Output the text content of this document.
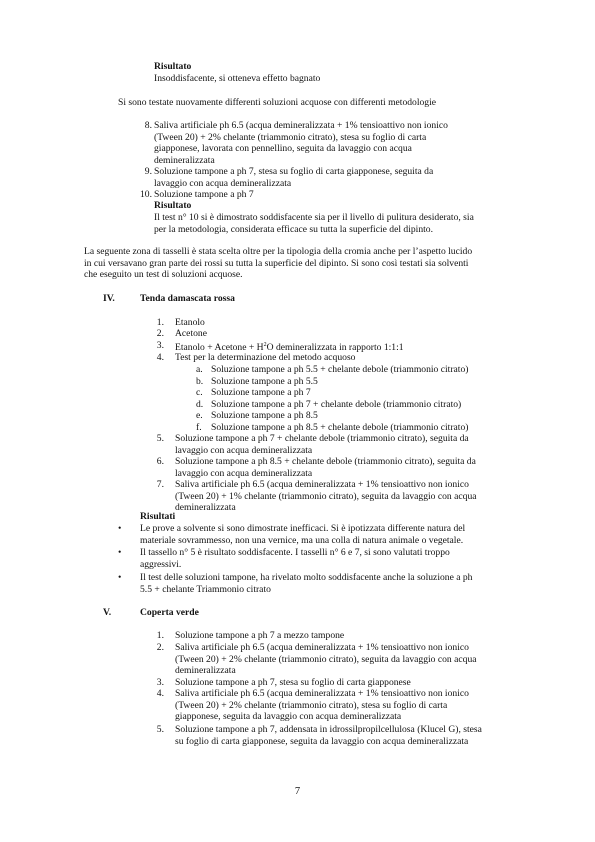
Risultato
Insoddisfacente, si otteneva effetto bagnato
Si sono testate nuovamente differenti soluzioni acquose con differenti metodologie
8. Saliva artificiale ph 6.5 (acqua demineralizzata + 1% tensioattivo non ionico

(Tween 20) + 2% chelante (triammonio citrato), stesa su foglio di carta

giapponese, lavorata con pennellino, seguita da lavaggio con acqua

demineralizzata

9. Soluzione tampone a ph 7, stesa su foglio di carta giapponese, seguita da

lavaggio con acqua demineralizzata

10. Soluzione tampone a ph 7
Risultato

Il test n° 10 si è dimostrato soddisfacente sia per il livello di pulitura desiderato, sia

per la metodologia, considerata efficace su tutta la superficie del dipinto.

La seguente zona di tasselli è stata scelta oltre per la tipologia della cromia anche per l’aspetto lucido

in cui versavano gran parte dei rossi su tutta la superficie del dipinto. Si sono così testati sia solventi

che eseguito un test di soluzioni acquose.

IV.	Tenda damascata rossa
1. Etanolo
2. Acetone
3. Etanolo + Acetone + $H^2O$ demineralizzata in rapporto 1:1:1
4. Test per la determinazione del metodo acquoso
a. Soluzione tampone a ph 5.5 + chelante debole (triammonio citrato)
b. Soluzione tampone a ph 5.5
c. Soluzione tampone a ph 7
d. Soluzione tampone a ph 7 + chelante debole (triammonio citrato)
e. Soluzione tampone a ph 8.5
f. Soluzione tampone a ph 8.5 + chelante debole (triammonio citrato)
5. Soluzione tampone a ph 7 + chelante debole (triammonio citrato), seguita da

lavaggio con acqua demineralizzata

6. Soluzione tampone a ph 8.5 + chelante debole (triammonio citrato), seguita da

lavaggio con acqua demineralizzata

7. Saliva artificiale ph 6.5 (acqua demineralizzata + 1% tensioattivo non ionico

(Tween 20) + 1% chelante (triammonio citrato), seguita da lavaggio con acqua

demineralizzata

Risultati
• Le prove a solvente si sono dimostrate inefficaci. Si è ipotizzata differente natura del

materiale sovrammesso, non una vernice, ma una colla di natura animale o vegetale.

• Il tassello n° 5 è risultato soddisfacente. I tasselli n° 6 e 7, si sono valutati troppo

aggressivi.

• Il test delle soluzioni tampone, ha rivelato molto soddisfacente anche la soluzione a ph

5.5 + chelante Triammonio citrato

V.	Coperta verde
1. Soluzione tampone a ph 7 a mezzo tampone
2. Saliva artificiale ph 6.5 (acqua demineralizzata + 1% tensioattivo non ionico

(Tween 20) + 2% chelante (triammonio citrato), seguita da lavaggio con acqua

demineralizzata

3. Soluzione tampone a ph 7, stesa su foglio di carta giapponese
4. Saliva artificiale ph 6.5 (acqua demineralizzata + 1% tensioattivo non ionico

(Tween 20) + 2% chelante (triammonio citrato), stesa su foglio di carta

giapponese, seguita da lavaggio con acqua demineralizzata

5. Soluzione tampone a ph 7, addensata in idrossilpropilcellulosa (Klucel G), stesa

su foglio di carta giapponese, seguita da lavaggio con acqua demineralizzata

7
